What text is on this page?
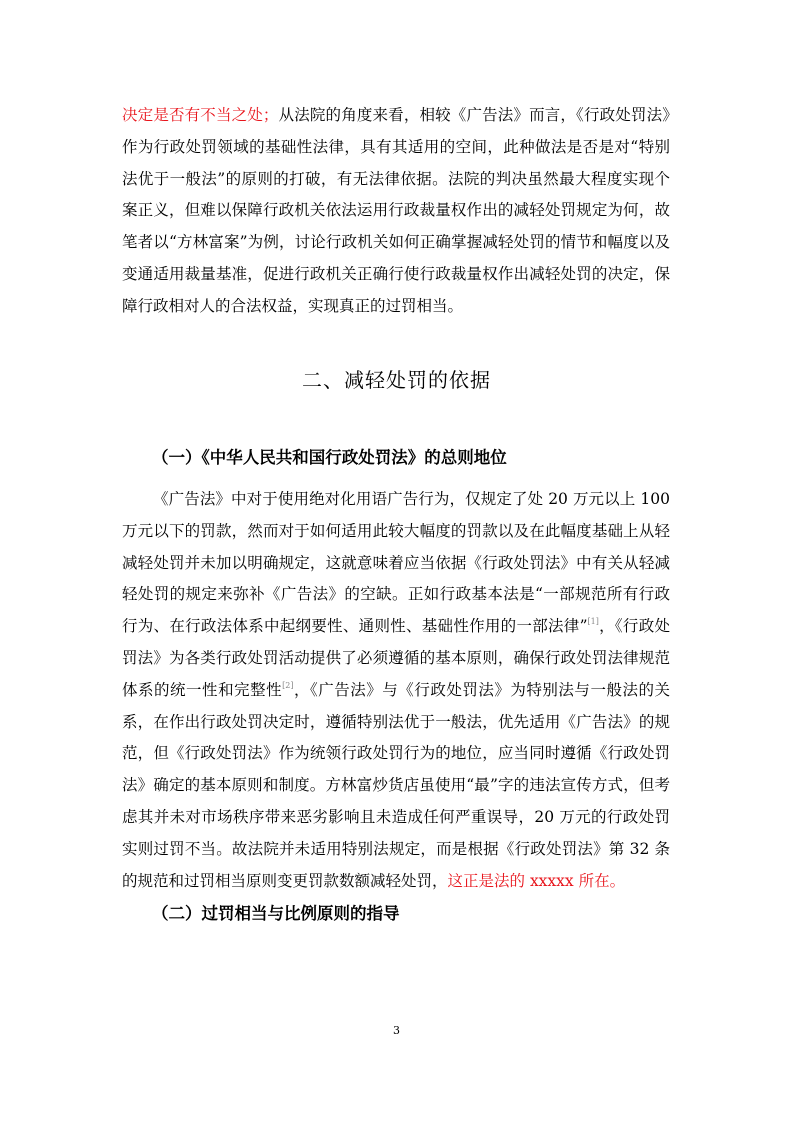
决定是否有不当之处；从法院的角度来看，相较《广告法》而言，《行政处罚法》作为行政处罚领域的基础性法律，具有其适用的空间，此种做法是否是对“特别法优于一般法”的原则的打破，有无法律依据。法院的判决虽然最大程度实现个案正义，但难以保障行政机关依法运用行政裁量权作出的减轻处罚规定为何，故笔者以“方林富案”为例，讨论行政机关如何正确掌握减轻处罚的情节和幅度以及变通适用裁量基准，促进行政机关正确行使行政裁量权作出减轻处罚的决定，保障行政相对人的合法权益，实现真正的过罚相当。

二、减轻处罚的依据
（一）《中华人民共和国行政处罚法》的总则地位

《广告法》中对于使用绝对化用语广告行为，仅规定了处 20 万元以上 100 万元以下的罚款，然而对于如何适用此较大幅度的罚款以及在此幅度基础上从轻减轻处罚并未加以明确规定，这就意味着应当依据《行政处罚法》中有关从轻减轻处罚的规定来弥补《广告法》的空缺。正如行政基本法是“一部规范所有行政行为、在行政法体系中起纲要性、通则性、基础性作用的一部法律”[1]，《行政处罚法》为各类行政处罚活动提供了必须遵循的基本原则，确保行政处罚法律规范体系的统一性和完整性[2]，《广告法》与《行政处罚法》为特别法与一般法的关系，在作出行政处罚决定时，遵循特别法优于一般法，优先适用《广告法》的规范，但《行政处罚法》作为统领行政处罚行为的地位，应当同时遵循《行政处罚法》确定的基本原则和制度。方林富炒货店虽使用“最”字的违法宣传方式，但考虑其并未对市场秩序带来恶劣影响且未造成任何严重误导，20 万元的行政处罚实则过罚不当。故法院并未适用特别法规定，而是根据《行政处罚法》第 32 条的规范和过罚相当原则变更罚款数额减轻处罚，这正是法的 xxxxx 所在。

（二）过罚相当与比例原则的指导
3
